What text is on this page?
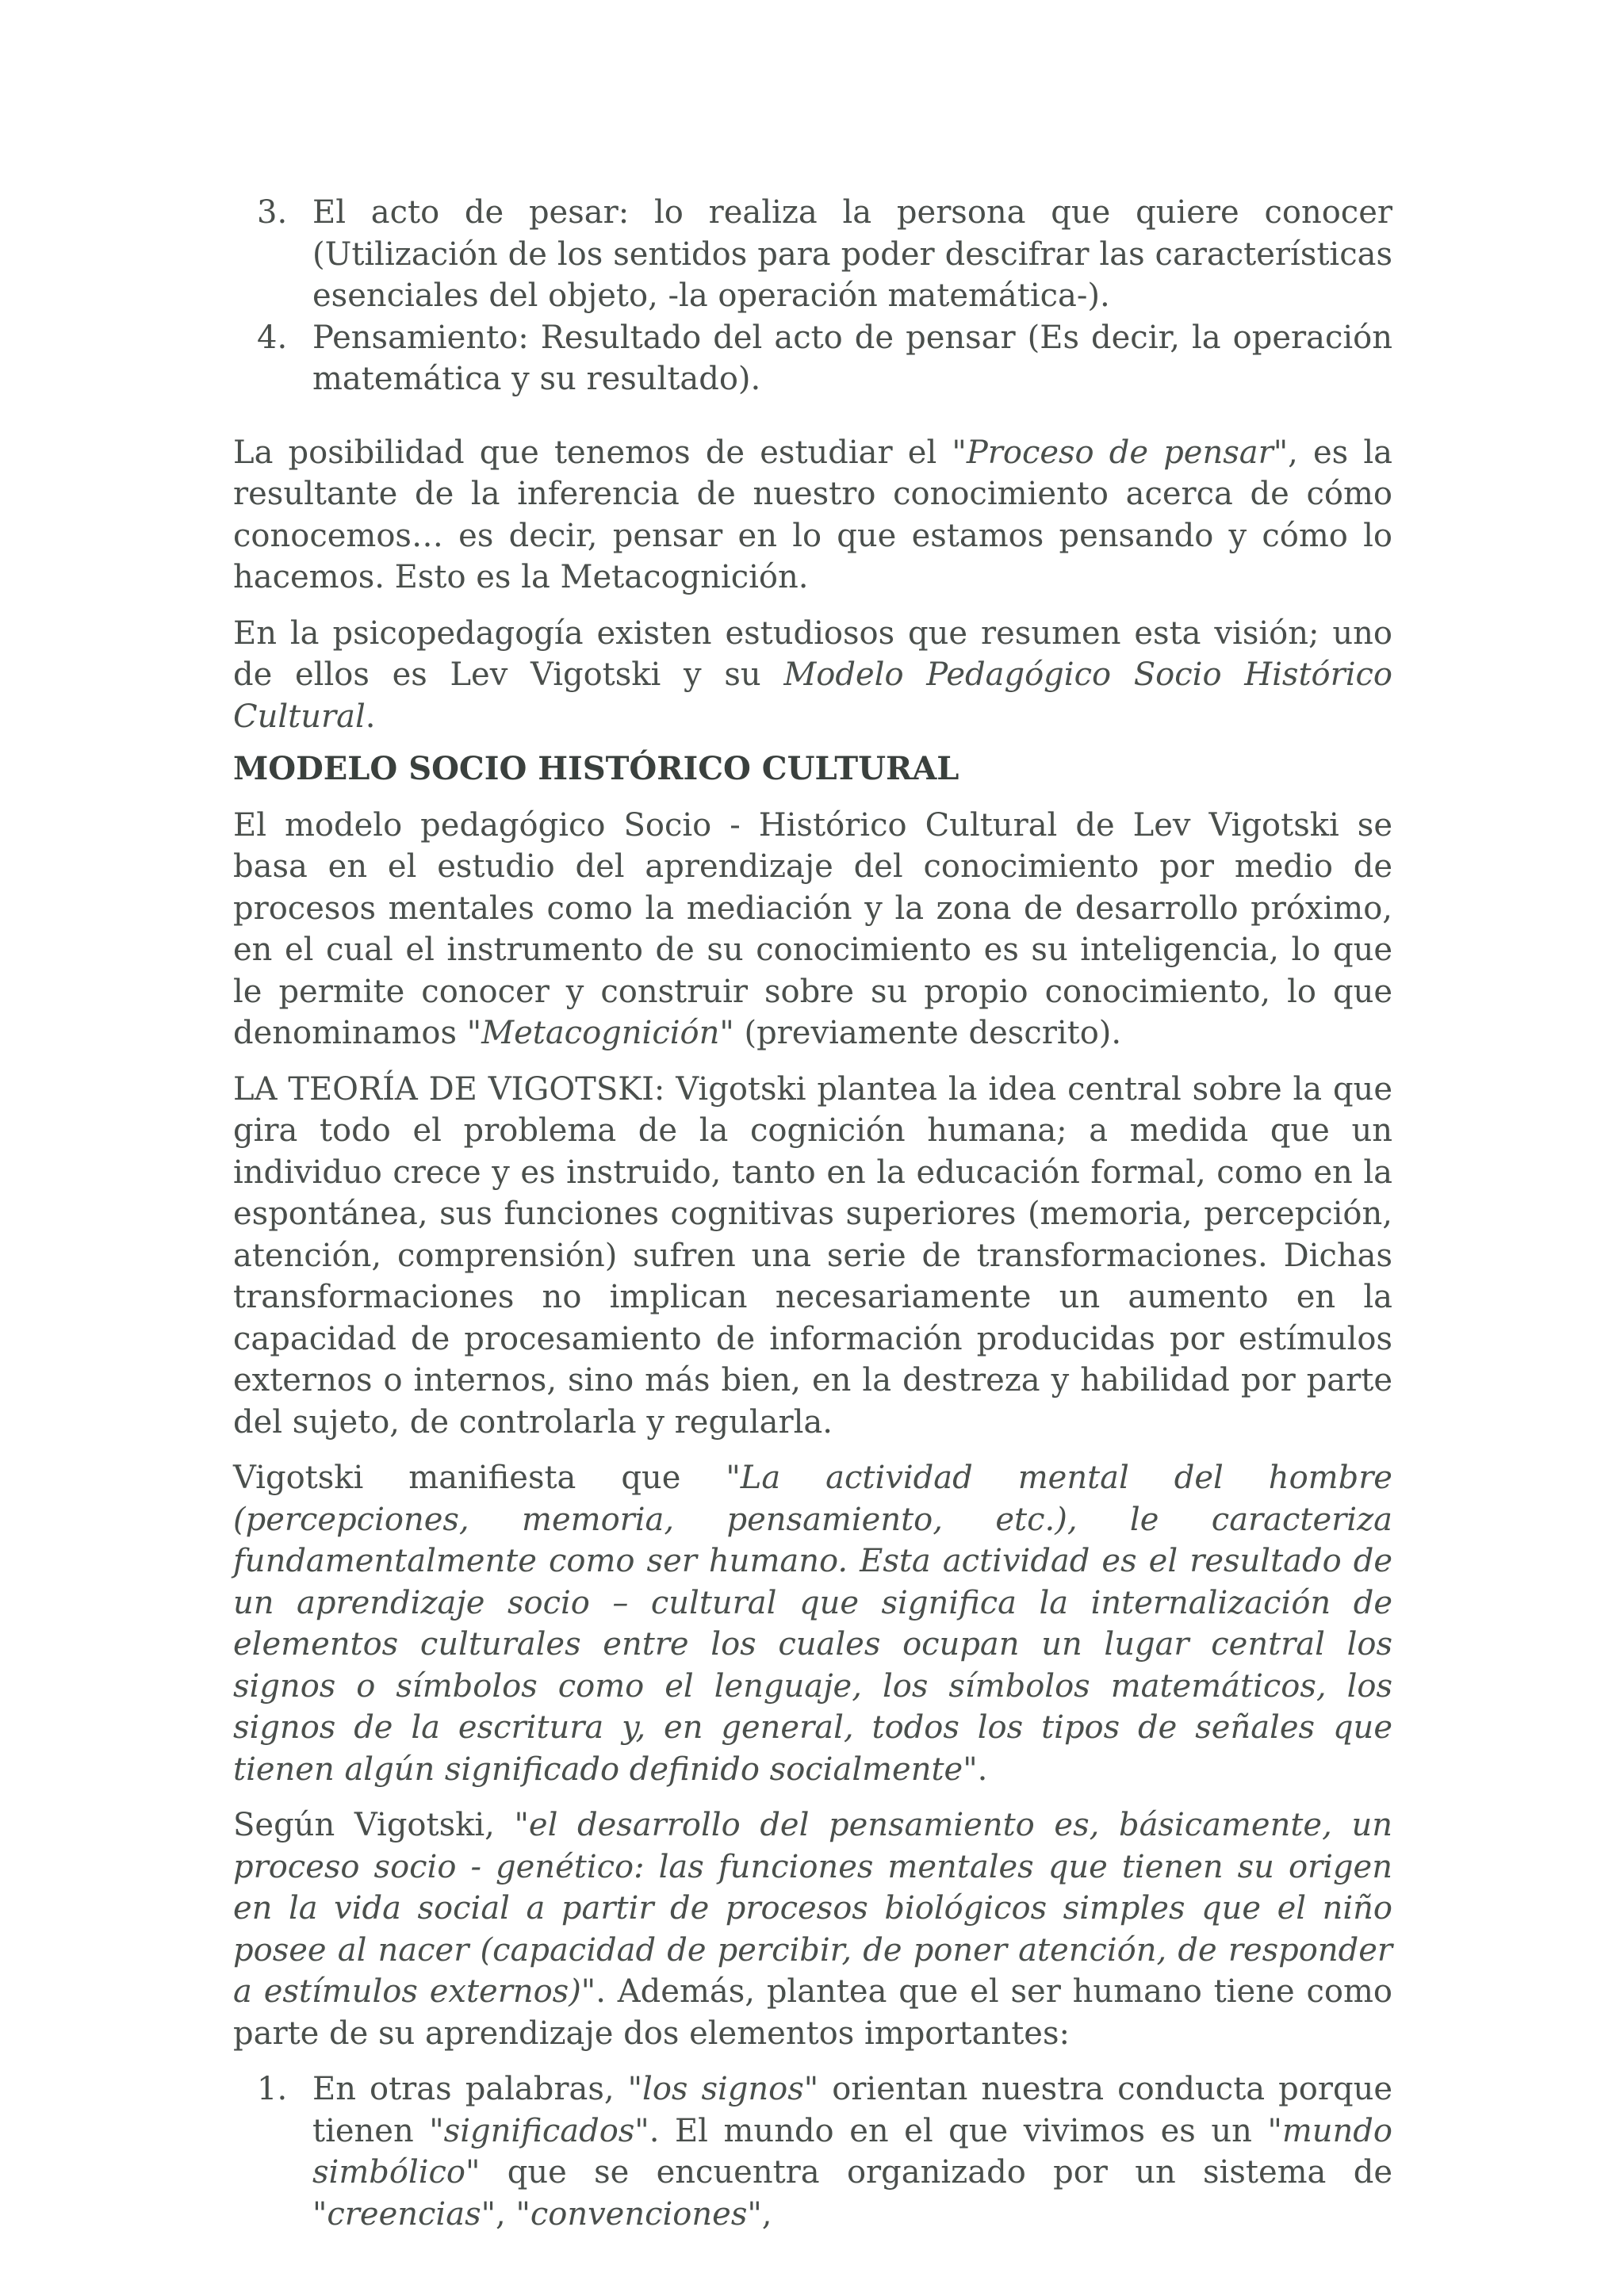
3. El acto de pesar: lo realiza la persona que quiere conocer (Utilización de los sentidos para poder descifrar las características esenciales del objeto, -la operación matemática-).
4. Pensamiento: Resultado del acto de pensar (Es decir, la operación matemática y su resultado).

La posibilidad que tenemos de estudiar el "Proceso de pensar", es la resultante de la inferencia de nuestro conocimiento acerca de cómo conocemos… es decir, pensar en lo que estamos pensando y cómo lo hacemos. Esto es la Metacognición.

En la psicopedagogía existen estudiosos que resumen esta visión; uno de ellos es Lev Vigotski y su Modelo Pedagógico Socio Histórico Cultural.

MODELO SOCIO HISTÓRICO CULTURAL

El modelo pedagógico Socio - Histórico Cultural de Lev Vigotski se basa en el estudio del aprendizaje del conocimiento por medio de procesos mentales como la mediación y la zona de desarrollo próximo, en el cual el instrumento de su conocimiento es su inteligencia, lo que le permite conocer y construir sobre su propio conocimiento, lo que denominamos "Metacognición" (previamente descrito).

LA TEORÍA DE VIGOTSKI: Vigotski plantea la idea central sobre la que gira todo el problema de la cognición humana; a medida que un individuo crece y es instruido, tanto en la educación formal, como en la espontánea, sus funciones cognitivas superiores (memoria, percepción, atención, comprensión) sufren una serie de transformaciones. Dichas transformaciones no implican necesariamente un aumento en la capacidad de procesamiento de información producidas por estímulos externos o internos, sino más bien, en la destreza y habilidad por parte del sujeto, de controlarla y regularla.

Vigotski manifiesta que "La actividad mental del hombre (percepciones, memoria, pensamiento, etc.), le caracteriza fundamentalmente como ser humano. Esta actividad es el resultado de un aprendizaje socio – cultural que significa la internalización de elementos culturales entre los cuales ocupan un lugar central los signos o símbolos como el lenguaje, los símbolos matemáticos, los signos de la escritura y, en general, todos los tipos de señales que tienen algún significado definido socialmente".

Según Vigotski, "el desarrollo del pensamiento es, básicamente, un proceso socio - genético: las funciones mentales que tienen su origen en la vida social a partir de procesos biológicos simples que el niño posee al nacer (capacidad de percibir, de poner atención, de responder a estímulos externos)". Además, plantea que el ser humano tiene como parte de su aprendizaje dos elementos importantes:

1. En otras palabras, "los signos" orientan nuestra conducta porque tienen "significados". El mundo en el que vivimos es un "mundo simbólico" que se encuentra organizado por un sistema de "creencias", "convenciones",
